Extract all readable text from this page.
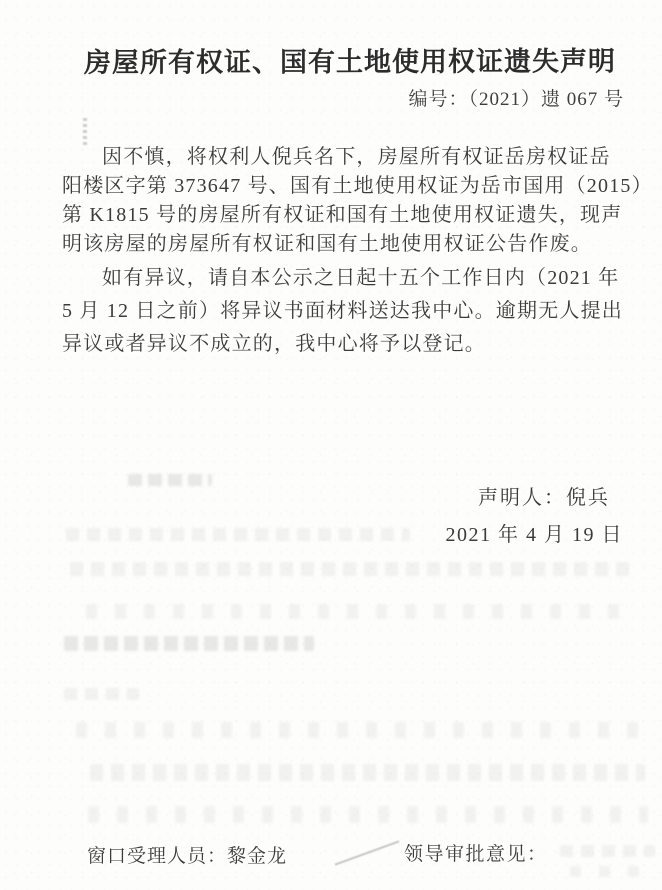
房屋所有权证、国有土地使用权证遗失声明
编号：（2021）遗 067 号
因不慎，将权利人倪兵名下，房屋所有权证岳房权证岳
阳楼区字第 373647 号、国有土地使用权证为岳市国用（2015）
第 K1815 号的房屋所有权证和国有土地使用权证遗失，现声
明该房屋的房屋所有权证和国有土地使用权证公告作废。
如有异议，请自本公示之日起十五个工作日内（2021 年
5 月 12 日之前）将异议书面材料送达我中心。逾期无人提出
异议或者异议不成立的，我中心将予以登记。
声明人：倪兵
2021 年 4 月 19 日
窗口受理人员：黎金龙	领导审批意见：
